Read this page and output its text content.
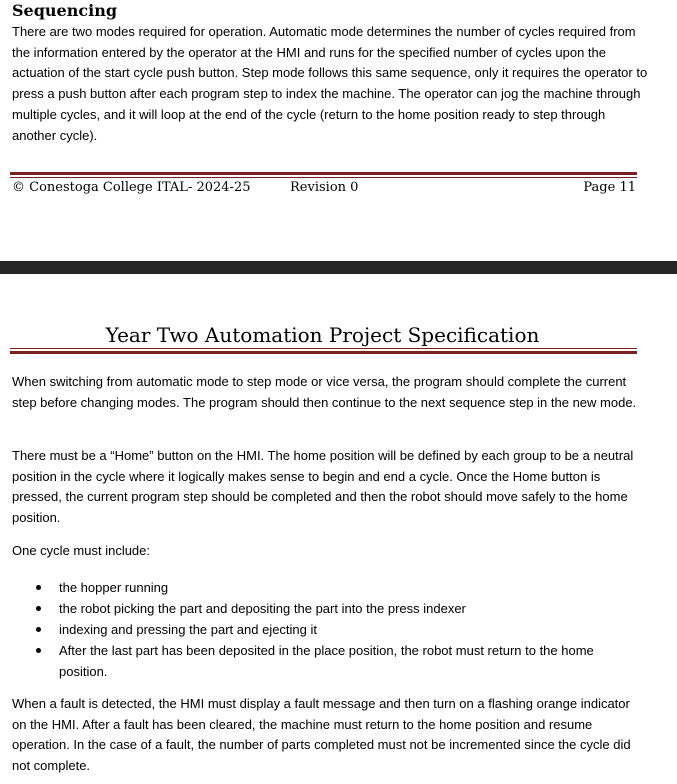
Sequencing

There are two modes required for operation. Automatic mode determines the number of cycles required from the information entered by the operator at the HMI and runs for the specified number of cycles upon the actuation of the start cycle push button. Step mode follows this same sequence, only it requires the operator to press a push button after each program step to index the machine. The operator can jog the machine through multiple cycles, and it will loop at the end of the cycle (return to the home position ready to step through another cycle).

© Conestoga College ITAL- 2024-25	Revision 0	Page 11
Year Two Automation Project Specification

When switching from automatic mode to step mode or vice versa, the program should complete the current step before changing modes. The program should then continue to the next sequence step in the new mode.

There must be a “Home” button on the HMI. The home position will be defined by each group to be a neutral position in the cycle where it logically makes sense to begin and end a cycle. Once the Home button is pressed, the current program step should be completed and then the robot should move safely to the home position.

One cycle must include:

the hopper running
the robot picking the part and depositing the part into the press indexer
indexing and pressing the part and ejecting it
After the last part has been deposited in the place position, the robot must return to the home position.

When a fault is detected, the HMI must display a fault message and then turn on a flashing orange indicator on the HMI. After a fault has been cleared, the machine must return to the home position and resume operation. In the case of a fault, the number of parts completed must not be incremented since the cycle did not complete.
